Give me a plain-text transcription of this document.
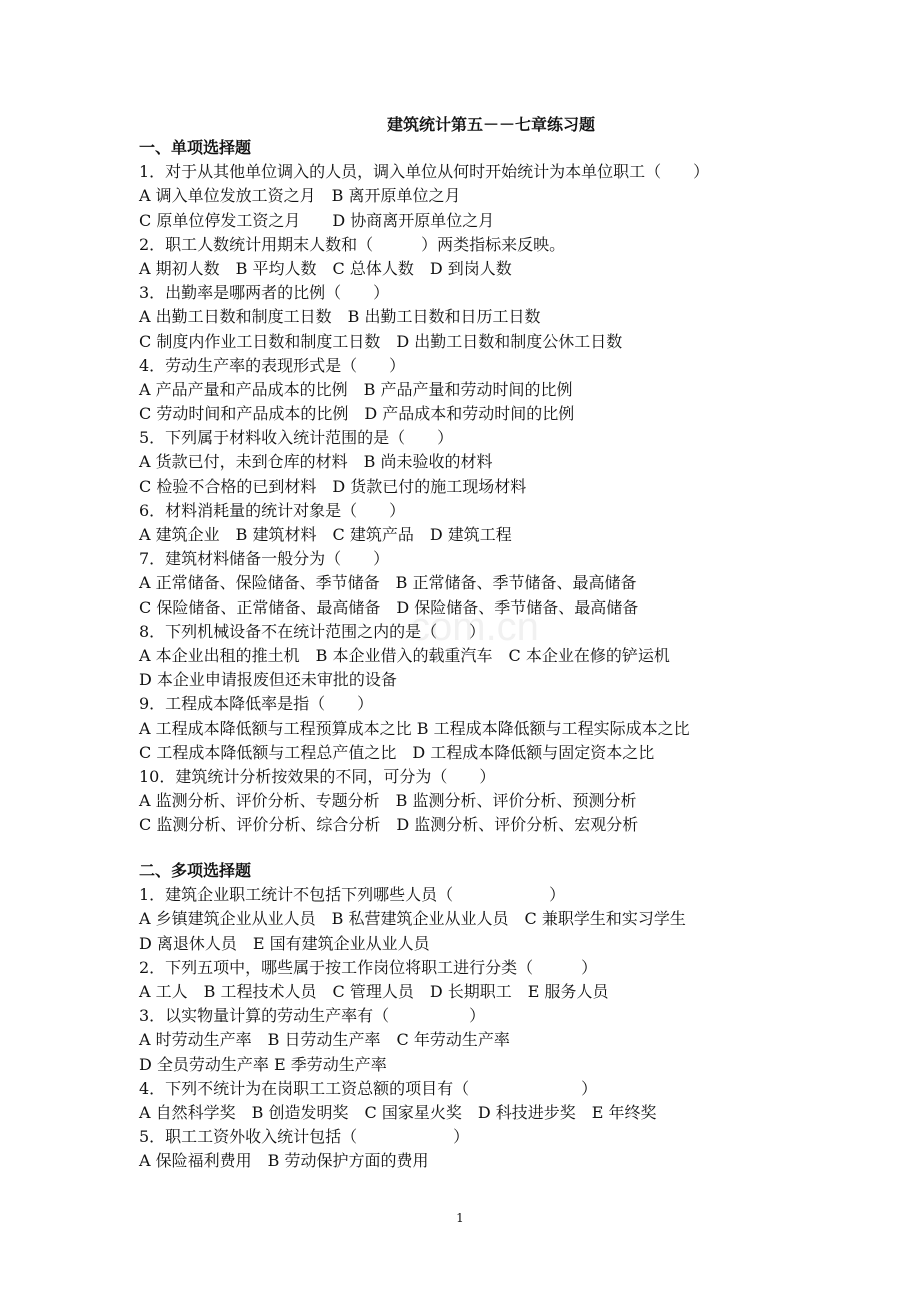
com.cn
建筑统计第五－－七章练习题
一、单项选择题
1．对于从其他单位调入的人员，调入单位从何时开始统计为本单位职工（　　）
A 调入单位发放工资之月　B 离开原单位之月
C 原单位停发工资之月　　D 协商离开原单位之月
2．职工人数统计用期末人数和（　　　）两类指标来反映。
A 期初人数　B 平均人数　C 总体人数　D 到岗人数
3．出勤率是哪两者的比例（　　）
A 出勤工日数和制度工日数　B 出勤工日数和日历工日数
C 制度内作业工日数和制度工日数　D 出勤工日数和制度公休工日数
4．劳动生产率的表现形式是（　　）
A 产品产量和产品成本的比例　B 产品产量和劳动时间的比例
C 劳动时间和产品成本的比例　D 产品成本和劳动时间的比例
5．下列属于材料收入统计范围的是（　　）
A 货款已付，未到仓库的材料　B 尚未验收的材料
C 检验不合格的已到材料　D 货款已付的施工现场材料
6．材料消耗量的统计对象是（　　）
A 建筑企业　B 建筑材料　C 建筑产品　D 建筑工程
7．建筑材料储备一般分为（　　）
A 正常储备、保险储备、季节储备　B 正常储备、季节储备、最高储备
C 保险储备、正常储备、最高储备　D 保险储备、季节储备、最高储备
8．下列机械设备不在统计范围之内的是（　　）
A 本企业出租的推土机　B 本企业借入的载重汽车　C 本企业在修的铲运机
D 本企业申请报废但还未审批的设备
9．工程成本降低率是指（　　）
A 工程成本降低额与工程预算成本之比 B 工程成本降低额与工程实际成本之比
C 工程成本降低额与工程总产值之比　D 工程成本降低额与固定资本之比
10．建筑统计分析按效果的不同，可分为（　　）
A 监测分析、评价分析、专题分析　B 监测分析、评价分析、预测分析
C 监测分析、评价分析、综合分析　D 监测分析、评价分析、宏观分析
二、多项选择题
1．建筑企业职工统计不包括下列哪些人员（　　　　　　）
A 乡镇建筑企业从业人员　B 私营建筑企业从业人员　C 兼职学生和实习学生
D 离退休人员　E 国有建筑企业从业人员
2．下列五项中，哪些属于按工作岗位将职工进行分类（　　　）
A 工人　B 工程技术人员　C 管理人员　D 长期职工　E 服务人员
3．以实物量计算的劳动生产率有（　　　　　）
A 时劳动生产率　B 日劳动生产率　C 年劳动生产率
D 全员劳动生产率 E 季劳动生产率
4．下列不统计为在岗职工工资总额的项目有（　　　　　　　）
A 自然科学奖　B 创造发明奖　C 国家星火奖　D 科技进步奖　E 年终奖
5．职工工资外收入统计包括（　　　　　　）
A 保险福利费用　B 劳动保护方面的费用
1
